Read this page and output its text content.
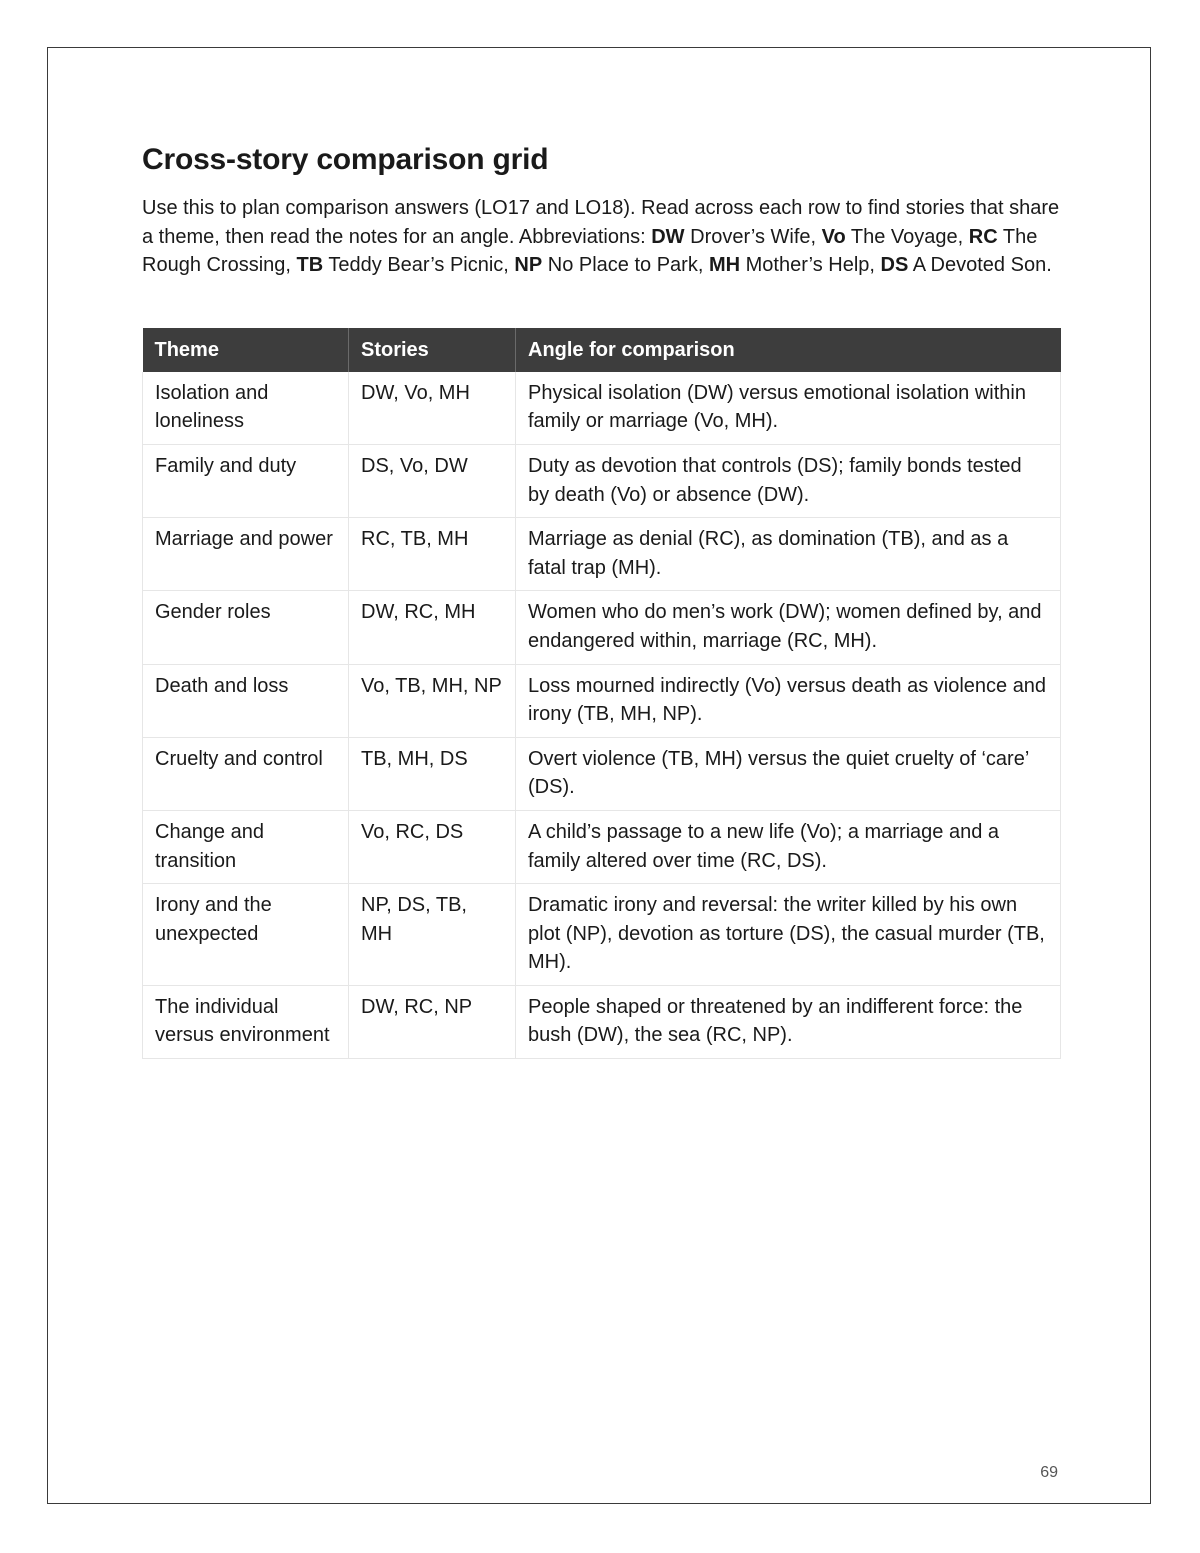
Cross-story comparison grid

Use this to plan comparison answers (LO17 and LO18). Read across each row to find stories that share a theme, then read the notes for an angle. Abbreviations: DW Drover’s Wife, Vo The Voyage, RC The Rough Crossing, TB Teddy Bear’s Picnic, NP No Place to Park, MH Mother’s Help, DS A Devoted Son.

Theme	Stories	Angle for comparison
Isolation and loneliness	DW, Vo, MH	Physical isolation (DW) versus emotional isolation within family or marriage (Vo, MH).
Family and duty	DS, Vo, DW	Duty as devotion that controls (DS); family bonds tested by death (Vo) or absence (DW).
Marriage and power	RC, TB, MH	Marriage as denial (RC), as domination (TB), and as a fatal trap (MH).
Gender roles	DW, RC, MH	Women who do men’s work (DW); women defined by, and endangered within, marriage (RC, MH).
Death and loss	Vo, TB, MH, NP	Loss mourned indirectly (Vo) versus death as violence and irony (TB, MH, NP).
Cruelty and control	TB, MH, DS	Overt violence (TB, MH) versus the quiet cruelty of ‘care’ (DS).
Change and transition	Vo, RC, DS	A child’s passage to a new life (Vo); a marriage and a family altered over time (RC, DS).
Irony and the unexpected	NP, DS, TB, MH	Dramatic irony and reversal: the writer killed by his own plot (NP), devotion as torture (DS), the casual murder (TB, MH).
The individual versus environment	DW, RC, NP	People shaped or threatened by an indifferent force: the bush (DW), the sea (RC, NP).
69
